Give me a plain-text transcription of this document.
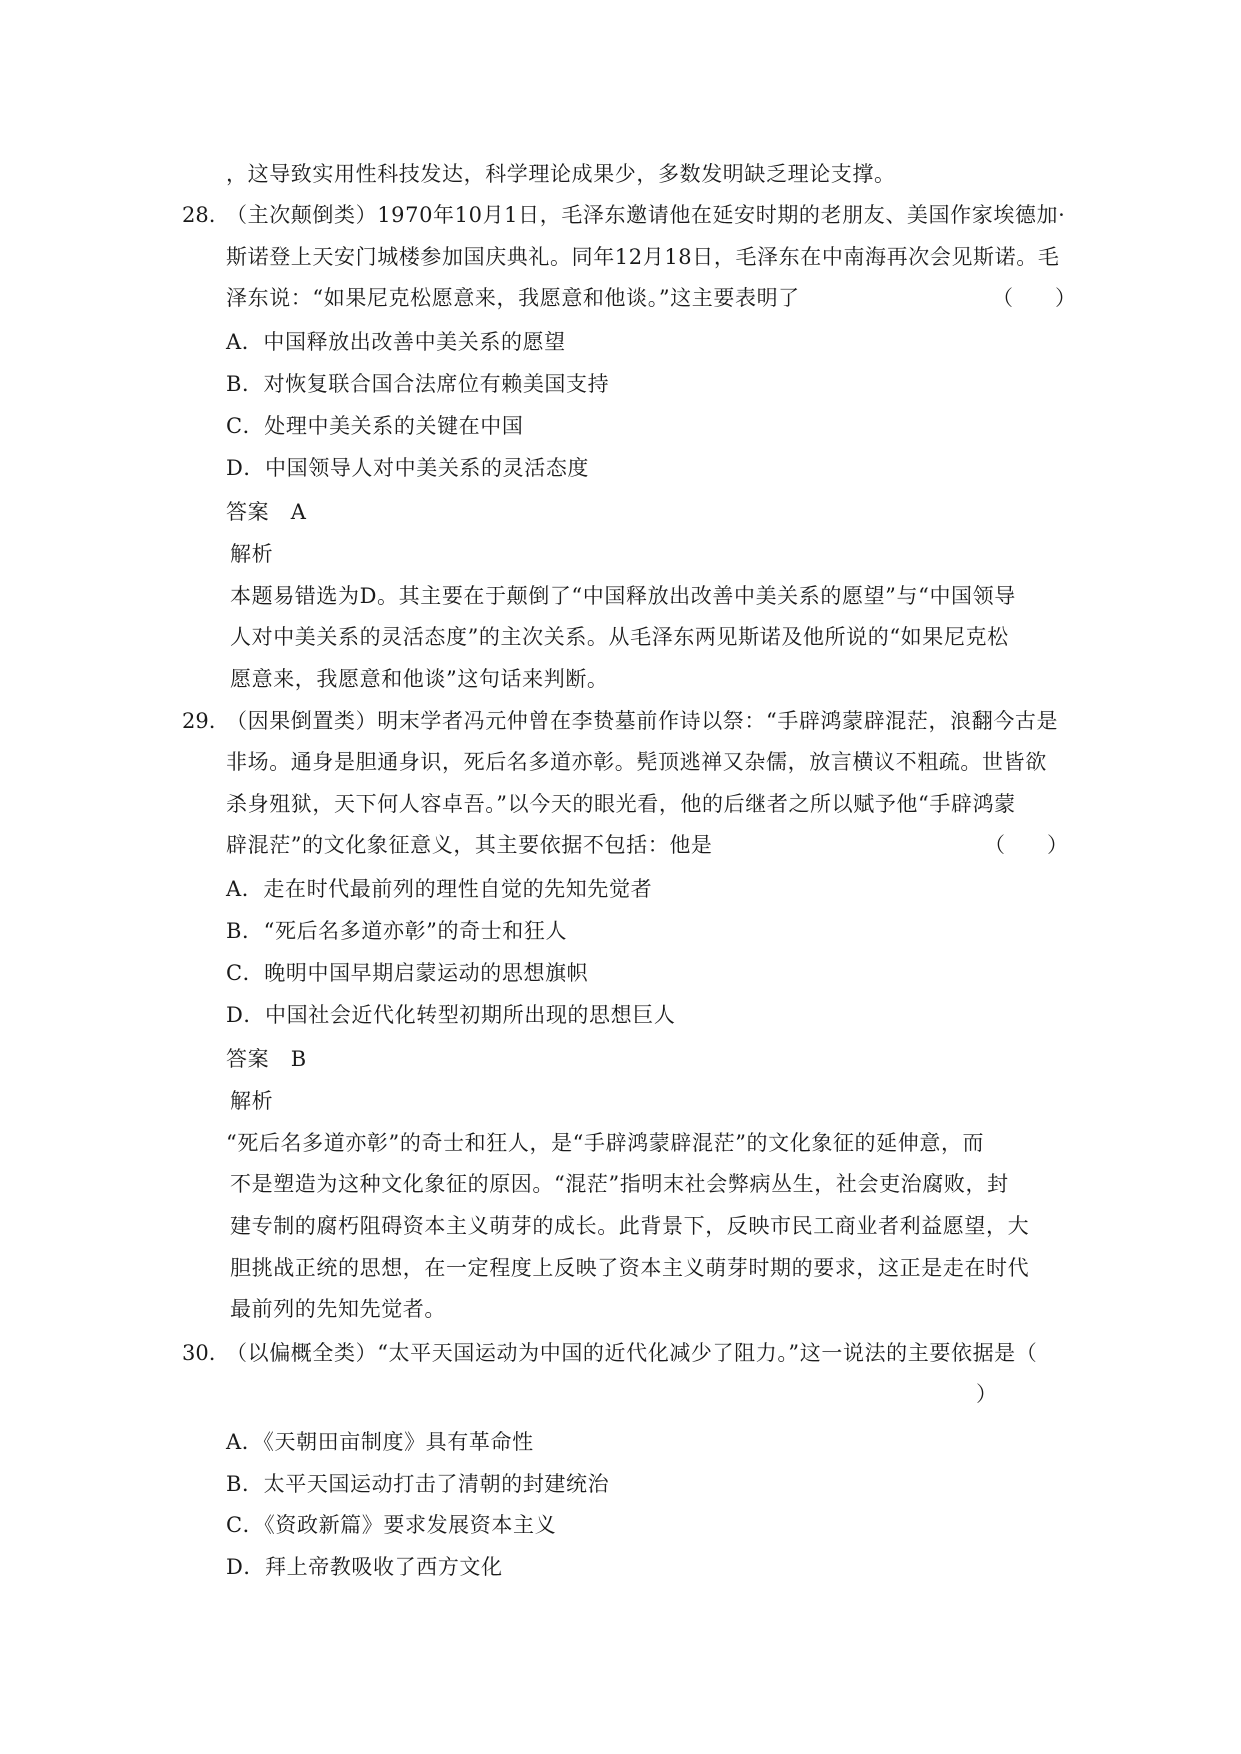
，这导致实用性科技发达，科学理论成果少，多数发明缺乏理论支撑。
28. （主次颠倒类）1970年10月1日，毛泽东邀请他在延安时期的老朋友、美国作家埃德加·
斯诺登上天安门城楼参加国庆典礼。同年12月18日，毛泽东在中南海再次会见斯诺。毛
泽东说：“如果尼克松愿意来，我愿意和他谈。”这主要表明了	（　　）
A．中国释放出改善中美关系的愿望
B．对恢复联合国合法席位有赖美国支持
C．处理中美关系的关键在中国
D．中国领导人对中美关系的灵活态度
答案　A
解析
本题易错选为D。其主要在于颠倒了“中国释放出改善中美关系的愿望”与“中国领导
人对中美关系的灵活态度”的主次关系。从毛泽东两见斯诺及他所说的“如果尼克松
愿意来，我愿意和他谈”这句话来判断。
29. （因果倒置类）明末学者冯元仲曾在李贽墓前作诗以祭：“手辟鸿蒙辟混茫，浪翻今古是
非场。通身是胆通身识，死后名多道亦彰。髡顶逃禅又杂儒，放言横议不粗疏。世皆欲
杀身殂狱，天下何人容卓吾。”以今天的眼光看，他的后继者之所以赋予他“手辟鸿蒙
辟混茫”的文化象征意义，其主要依据不包括：他是	（　　）
A．走在时代最前列的理性自觉的先知先觉者
B．“死后名多道亦彰”的奇士和狂人
C．晚明中国早期启蒙运动的思想旗帜
D．中国社会近代化转型初期所出现的思想巨人
答案　B
解析
“死后名多道亦彰”的奇士和狂人，是“手辟鸿蒙辟混茫”的文化象征的延伸意，而
不是塑造为这种文化象征的原因。“混茫”指明末社会弊病丛生，社会吏治腐败，封
建专制的腐朽阻碍资本主义萌芽的成长。此背景下，反映市民工商业者利益愿望，大
胆挑战正统的思想，在一定程度上反映了资本主义萌芽时期的要求，这正是走在时代
最前列的先知先觉者。
30. （以偏概全类）“太平天国运动为中国的近代化减少了阻力。”这一说法的主要依据是（
）
A．《天朝田亩制度》具有革命性
B．太平天国运动打击了清朝的封建统治
C．《资政新篇》要求发展资本主义
D．拜上帝教吸收了西方文化
